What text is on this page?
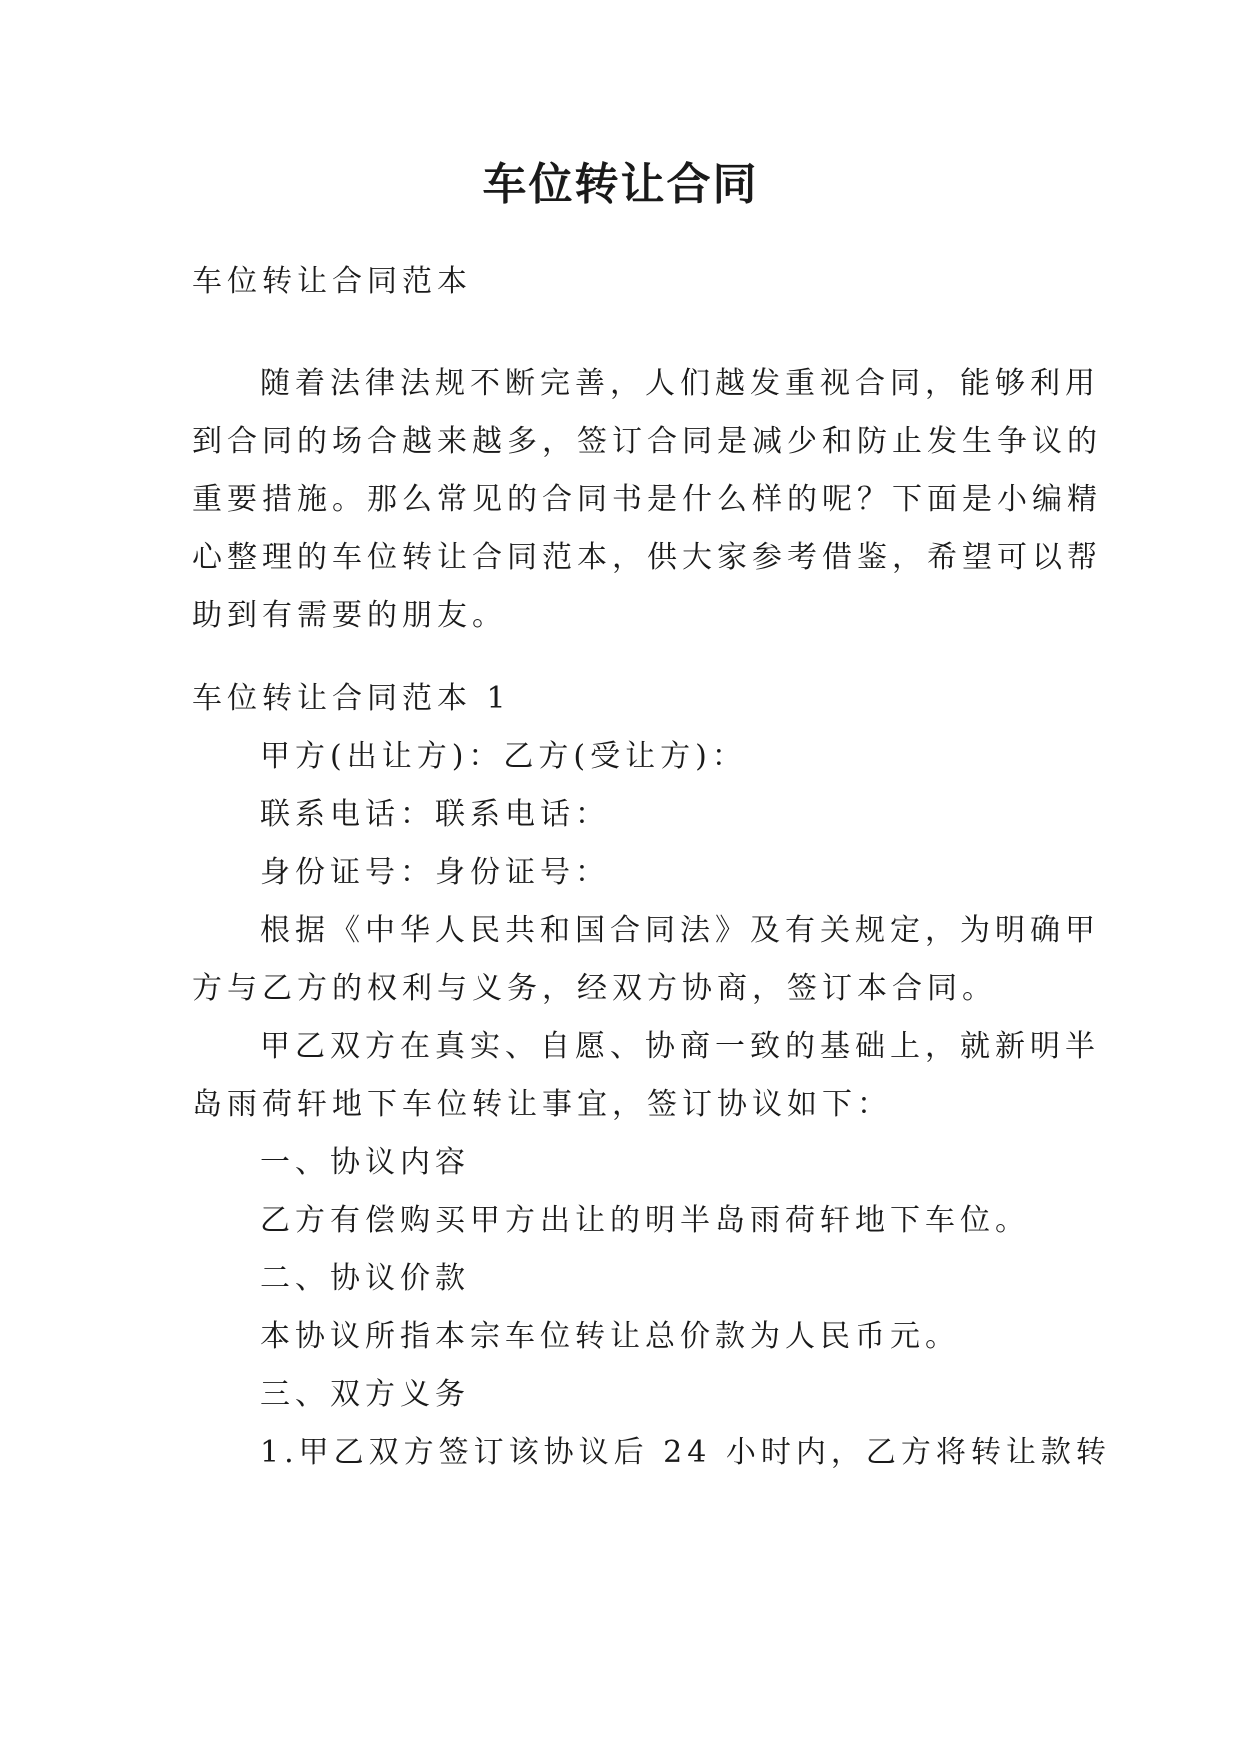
车位转让合同
车位转让合同范本
随着法律法规不断完善，人们越发重视合同，能够利用
到合同的场合越来越多，签订合同是减少和防止发生争议的
重要措施。那么常见的合同书是什么样的呢？下面是小编精
心整理的车位转让合同范本，供大家参考借鉴，希望可以帮
助到有需要的朋友。
车位转让合同范本 1
甲方(出让方)：乙方(受让方)：
联系电话：联系电话：
身份证号：身份证号：
根据《中华人民共和国合同法》及有关规定，为明确甲
方与乙方的权利与义务，经双方协商，签订本合同。
甲乙双方在真实、自愿、协商一致的基础上，就新明半
岛雨荷轩地下车位转让事宜，签订协议如下：
一、协议内容
乙方有偿购买甲方出让的明半岛雨荷轩地下车位。
二、协议价款
本协议所指本宗车位转让总价款为人民币元。
三、双方义务
1.甲乙双方签订该协议后 24 小时内，乙方将转让款转
